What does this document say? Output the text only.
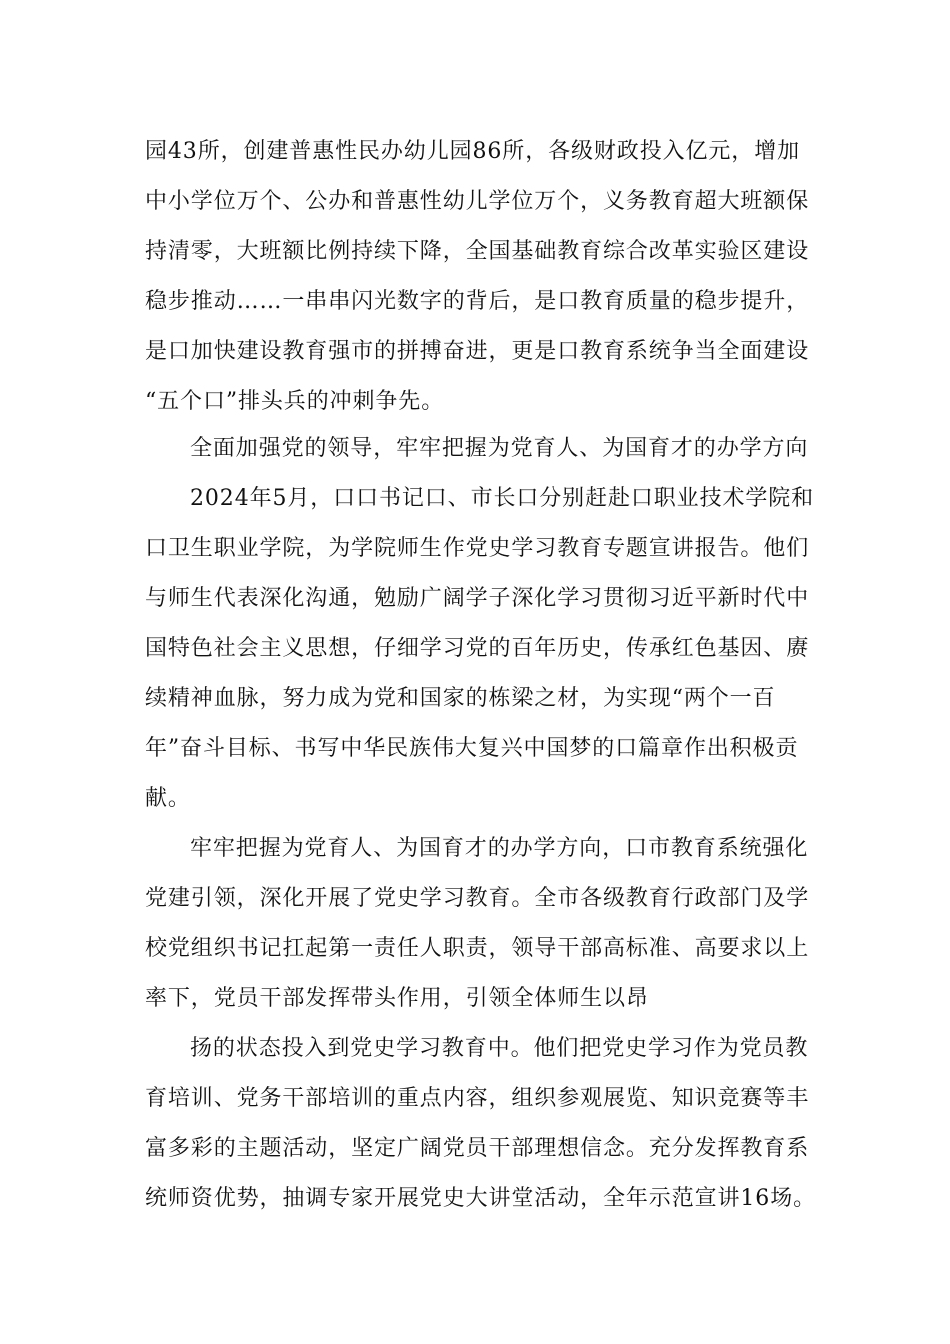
园43所，创建普惠性民办幼儿园86所，各级财政投入亿元，增加
中小学位万个、公办和普惠性幼儿学位万个，义务教育超大班额保
持清零，大班额比例持续下降，全国基础教育综合改革实验区建设
稳步推动……一串串闪光数字的背后，是口教育质量的稳步提升，
是口加快建设教育强市的拼搏奋进，更是口教育系统争当全面建设
“五个口”排头兵的冲刺争先。
全面加强党的领导，牢牢把握为党育人、为国育才的办学方向
2024年5月，口口书记口、市长口分别赶赴口职业技术学院和
口卫生职业学院，为学院师生作党史学习教育专题宣讲报告。他们
与师生代表深化沟通，勉励广阔学子深化学习贯彻习近平新时代中
国特色社会主义思想，仔细学习党的百年历史，传承红色基因、赓
续精神血脉，努力成为党和国家的栋梁之材，为实现“两个一百
年”奋斗目标、书写中华民族伟大复兴中国梦的口篇章作出积极贡
献。
牢牢把握为党育人、为国育才的办学方向，口市教育系统强化
党建引领，深化开展了党史学习教育。全市各级教育行政部门及学
校党组织书记扛起第一责任人职责，领导干部高标准、高要求以上
率下，党员干部发挥带头作用，引领全体师生以昂
扬的状态投入到党史学习教育中。他们把党史学习作为党员教
育培训、党务干部培训的重点内容，组织参观展览、知识竞赛等丰
富多彩的主题活动，坚定广阔党员干部理想信念。充分发挥教育系
统师资优势，抽调专家开展党史大讲堂活动，全年示范宣讲16场。
